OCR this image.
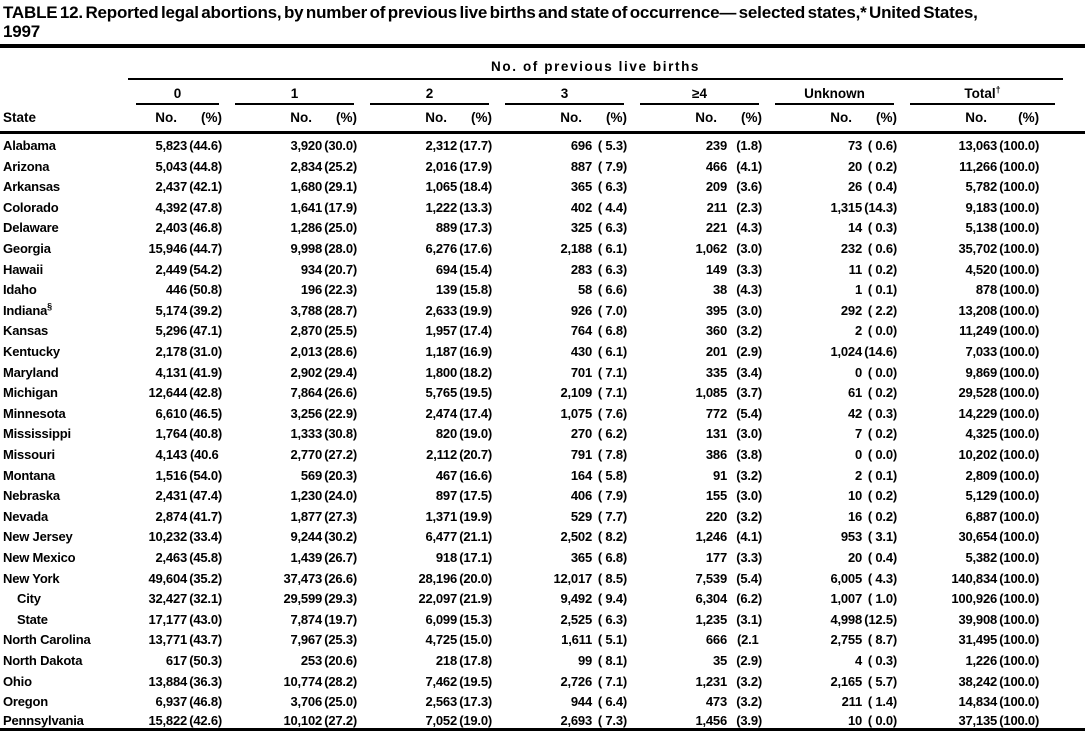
TABLE 12. Reported legal abortions, by number of previous live births and state of occurrence— selected states,* United States,
1997
	No. of previous live births														

	0		1		2		3		≥4		Unknown		Total†

State	No.	(%)	No.	(%)	No.	(%)	No.	(%)	No.	(%)	No.	(%)	No.	(%)	
Alabama	5,823	(44.6)	3,920	(30.0)	2,312	(17.7)	696	( 5.3)	239	(1.8)	73	( 0.6)	13,063	(100.0)	
Arizona	5,043	(44.8)	2,834	(25.2)	2,016	(17.9)	887	( 7.9)	466	(4.1)	20	( 0.2)	11,266	(100.0)	
Arkansas	2,437	(42.1)	1,680	(29.1)	1,065	(18.4)	365	( 6.3)	209	(3.6)	26	( 0.4)	5,782	(100.0)	
Colorado	4,392	(47.8)	1,641	(17.9)	1,222	(13.3)	402	( 4.4)	211	(2.3)	1,315	(14.3)	9,183	(100.0)	
Delaware	2,403	(46.8)	1,286	(25.0)	889	(17.3)	325	( 6.3)	221	(4.3)	14	( 0.3)	5,138	(100.0)	
Georgia	15,946	(44.7)	9,998	(28.0)	6,276	(17.6)	2,188	( 6.1)	1,062	(3.0)	232	( 0.6)	35,702	(100.0)	
Hawaii	2,449	(54.2)	934	(20.7)	694	(15.4)	283	( 6.3)	149	(3.3)	11	( 0.2)	4,520	(100.0)	
Idaho	446	(50.8)	196	(22.3)	139	(15.8)	58	( 6.6)	38	(4.3)	1	( 0.1)	878	(100.0)	
Indiana§	5,174	(39.2)	3,788	(28.7)	2,633	(19.9)	926	( 7.0)	395	(3.0)	292	( 2.2)	13,208	(100.0)	
Kansas	5,296	(47.1)	2,870	(25.5)	1,957	(17.4)	764	( 6.8)	360	(3.2)	2	( 0.0)	11,249	(100.0)	
Kentucky	2,178	(31.0)	2,013	(28.6)	1,187	(16.9)	430	( 6.1)	201	(2.9)	1,024	(14.6)	7,033	(100.0)	
Maryland	4,131	(41.9)	2,902	(29.4)	1,800	(18.2)	701	( 7.1)	335	(3.4)	0	( 0.0)	9,869	(100.0)	
Michigan	12,644	(42.8)	7,864	(26.6)	5,765	(19.5)	2,109	( 7.1)	1,085	(3.7)	61	( 0.2)	29,528	(100.0)	
Minnesota	6,610	(46.5)	3,256	(22.9)	2,474	(17.4)	1,075	( 7.6)	772	(5.4)	42	( 0.3)	14,229	(100.0)	
Mississippi	1,764	(40.8)	1,333	(30.8)	820	(19.0)	270	( 6.2)	131	(3.0)	7	( 0.2)	4,325	(100.0)	
Missouri	4,143	(40.6	2,770	(27.2)	2,112	(20.7)	791	( 7.8)	386	(3.8)	0	( 0.0)	10,202	(100.0)	
Montana	1,516	(54.0)	569	(20.3)	467	(16.6)	164	( 5.8)	91	(3.2)	2	( 0.1)	2,809	(100.0)	
Nebraska	2,431	(47.4)	1,230	(24.0)	897	(17.5)	406	( 7.9)	155	(3.0)	10	( 0.2)	5,129	(100.0)	
Nevada	2,874	(41.7)	1,877	(27.3)	1,371	(19.9)	529	( 7.7)	220	(3.2)	16	( 0.2)	6,887	(100.0)	
New Jersey	10,232	(33.4)	9,244	(30.2)	6,477	(21.1)	2,502	( 8.2)	1,246	(4.1)	953	( 3.1)	30,654	(100.0)	
New Mexico	2,463	(45.8)	1,439	(26.7)	918	(17.1)	365	( 6.8)	177	(3.3)	20	( 0.4)	5,382	(100.0)	
New York	49,604	(35.2)	37,473	(26.6)	28,196	(20.0)	12,017	( 8.5)	7,539	(5.4)	6,005	( 4.3)	140,834	(100.0)	
City	32,427	(32.1)	29,599	(29.3)	22,097	(21.9)	9,492	( 9.4)	6,304	(6.2)	1,007	( 1.0)	100,926	(100.0)	
State	17,177	(43.0)	7,874	(19.7)	6,099	(15.3)	2,525	( 6.3)	1,235	(3.1)	4,998	(12.5)	39,908	(100.0)	
North Carolina	13,771	(43.7)	7,967	(25.3)	4,725	(15.0)	1,611	( 5.1)	666	(2.1	2,755	( 8.7)	31,495	(100.0)	
North Dakota	617	(50.3)	253	(20.6)	218	(17.8)	99	( 8.1)	35	(2.9)	4	( 0.3)	1,226	(100.0)	
Ohio	13,884	(36.3)	10,774	(28.2)	7,462	(19.5)	2,726	( 7.1)	1,231	(3.2)	2,165	( 5.7)	38,242	(100.0)	
Oregon	6,937	(46.8)	3,706	(25.0)	2,563	(17.3)	944	( 6.4)	473	(3.2)	211	( 1.4)	14,834	(100.0)	
Pennsylvania	15,822	(42.6)	10,102	(27.2)	7,052	(19.0)	2,693	( 7.3)	1,456	(3.9)	10	( 0.0)	37,135	(100.0)	
